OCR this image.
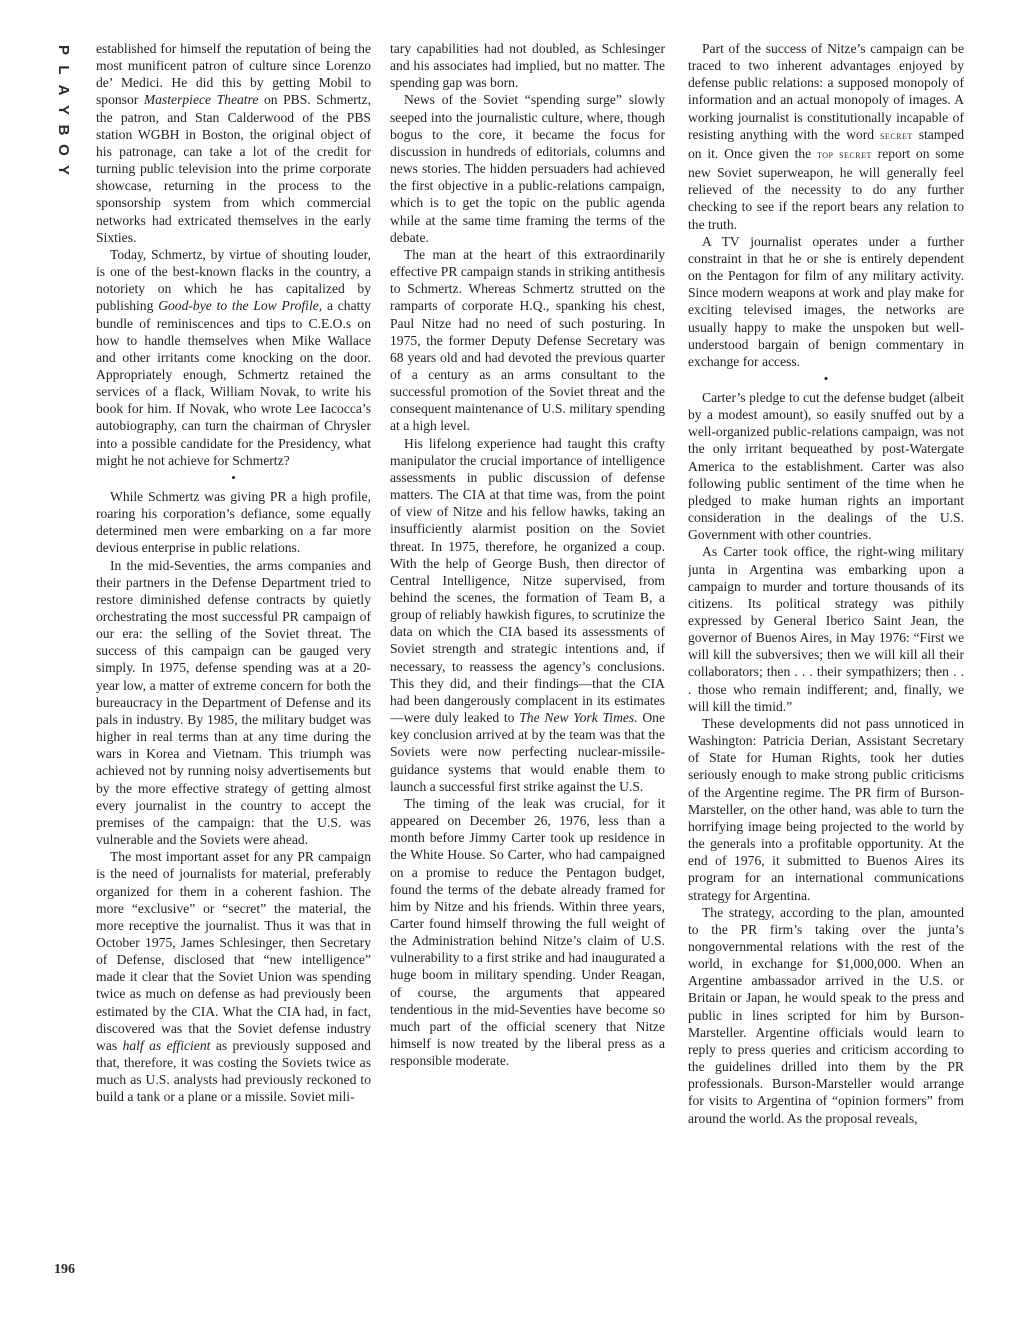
P
L
A
Y
B
O
Y
196

established for himself the reputation of being the most munificent patron of culture since Lorenzo de’ Medici. He did this by getting Mobil to sponsor Masterpiece Theatre on PBS. Schmertz, the patron, and Stan Calderwood of the PBS station WGBH in Boston, the original object of his patronage, can take a lot of the credit for turning public television into the prime corporate showcase, returning in the process to the sponsorship system from which commercial networks had extricated themselves in the early Sixties.

Today, Schmertz, by virtue of shouting louder, is one of the best-known flacks in the country, a notoriety on which he has capitalized by publishing Good-bye to the Low Profile, a chatty bundle of reminiscences and tips to C.E.O.s on how to handle themselves when Mike Wallace and other irritants come knocking on the door. Appropriately enough, Schmertz retained the services of a flack, William Novak, to write his book for him. If Novak, who wrote Lee Iacocca’s autobiography, can turn the chairman of Chrysler into a possible candidate for the Presidency, what might he not achieve for Schmertz?

•

While Schmertz was giving PR a high profile, roaring his corporation’s defiance, some equally determined men were embarking on a far more devious enterprise in public relations.

In the mid-Seventies, the arms companies and their partners in the Defense Department tried to restore diminished defense contracts by quietly orchestrating the most successful PR campaign of our era: the selling of the Soviet threat. The success of this campaign can be gauged very simply. In 1975, defense spending was at a 20-year low, a matter of extreme concern for both the bureaucracy in the Department of Defense and its pals in industry. By 1985, the military budget was higher in real terms than at any time during the wars in Korea and Vietnam. This triumph was achieved not by running noisy advertisements but by the more effective strategy of getting almost every journalist in the country to accept the premises of the campaign: that the U.S. was vulnerable and the Soviets were ahead.

The most important asset for any PR campaign is the need of journalists for material, preferably organized for them in a coherent fashion. The more “exclusive” or “secret” the material, the more receptive the journalist. Thus it was that in October 1975, James Schlesinger, then Secretary of Defense, disclosed that “new intelligence” made it clear that the Soviet Union was spending twice as much on defense as had previously been estimated by the CIA. What the CIA had, in fact, discovered was that the Soviet defense industry was half as efficient as previously supposed and that, therefore, it was costing the Soviets twice as much as U.S. analysts had previously reckoned to build a tank or a plane or a missile. Soviet mili-

tary capabilities had not doubled, as Schlesinger and his associates had implied, but no matter. The spending gap was born.

News of the Soviet “spending surge” slowly seeped into the journalistic culture, where, though bogus to the core, it became the focus for discussion in hundreds of editorials, columns and news stories. The hidden persuaders had achieved the first objective in a public-relations campaign, which is to get the topic on the public agenda while at the same time framing the terms of the debate.

The man at the heart of this extraordinarily effective PR campaign stands in striking antithesis to Schmertz. Whereas Schmertz strutted on the ramparts of corporate H.Q., spanking his chest, Paul Nitze had no need of such posturing. In 1975, the former Deputy Defense Secretary was 68 years old and had devoted the previous quarter of a century as an arms consultant to the successful promotion of the Soviet threat and the consequent maintenance of U.S. military spending at a high level.

His lifelong experience had taught this crafty manipulator the crucial importance of intelligence assessments in public discussion of defense matters. The CIA at that time was, from the point of view of Nitze and his fellow hawks, taking an insufficiently alarmist position on the Soviet threat. In 1975, therefore, he organized a coup. With the help of George Bush, then director of Central Intelligence, Nitze supervised, from behind the scenes, the formation of Team B, a group of reliably hawkish figures, to scrutinize the data on which the CIA based its assessments of Soviet strength and strategic intentions and, if necessary, to reassess the agency’s conclusions. This they did, and their findings—that the CIA had been dangerously complacent in its estimates—were duly leaked to The New York Times. One key conclusion arrived at by the team was that the Soviets were now perfecting nuclear-missile-guidance systems that would enable them to launch a successful first strike against the U.S.

The timing of the leak was crucial, for it appeared on December 26, 1976, less than a month before Jimmy Carter took up residence in the White House. So Carter, who had campaigned on a promise to reduce the Pentagon budget, found the terms of the debate already framed for him by Nitze and his friends. Within three years, Carter found himself throwing the full weight of the Administration behind Nitze’s claim of U.S. vulnerability to a first strike and had inaugurated a huge boom in military spending. Under Reagan, of course, the arguments that appeared tendentious in the mid-Seventies have become so much part of the official scenery that Nitze himself is now treated by the liberal press as a responsible moderate.

Part of the success of Nitze’s campaign can be traced to two inherent advantages enjoyed by defense public relations: a supposed monopoly of information and an actual monopoly of images. A working journalist is constitutionally incapable of resisting anything with the word secret stamped on it. Once given the top secret report on some new Soviet superweapon, he will generally feel relieved of the necessity to do any further checking to see if the report bears any relation to the truth.

A TV journalist operates under a further constraint in that he or she is entirely dependent on the Pentagon for film of any military activity. Since modern weapons at work and play make for exciting televised images, the networks are usually happy to make the unspoken but well-understood bargain of benign commentary in exchange for access.

•

Carter’s pledge to cut the defense budget (albeit by a modest amount), so easily snuffed out by a well-organized public-relations campaign, was not the only irritant bequeathed by post-Watergate America to the establishment. Carter was also following public sentiment of the time when he pledged to make human rights an important consideration in the dealings of the U.S. Government with other countries.

As Carter took office, the right-wing military junta in Argentina was embarking upon a campaign to murder and torture thousands of its citizens. Its political strategy was pithily expressed by General Iberico Saint Jean, the governor of Buenos Aires, in May 1976: “First we will kill the subversives; then we will kill all their collaborators; then . . . their sympathizers; then . . . those who remain indifferent; and, finally, we will kill the timid.”

These developments did not pass unnoticed in Washington: Patricia Derian, Assistant Secretary of State for Human Rights, took her duties seriously enough to make strong public criticisms of the Argentine regime. The PR firm of Burson-Marsteller, on the other hand, was able to turn the horrifying image being projected to the world by the generals into a profitable opportunity. At the end of 1976, it submitted to Buenos Aires its program for an international communications strategy for Argentina.

The strategy, according to the plan, amounted to the PR firm’s taking over the junta’s nongovernmental relations with the rest of the world, in exchange for $1,000,000. When an Argentine ambassador arrived in the U.S. or Britain or Japan, he would speak to the press and public in lines scripted for him by Burson-Marsteller. Argentine officials would learn to reply to press queries and criticism according to the guidelines drilled into them by the PR professionals. Burson-Marsteller would arrange for visits to Argentina of “opinion formers” from around the world. As the proposal reveals,
